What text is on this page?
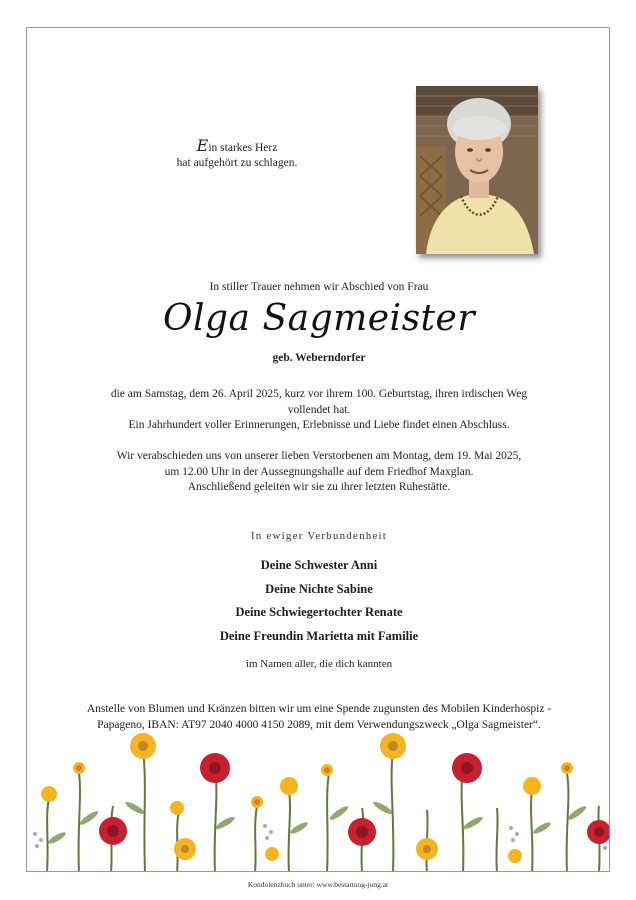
Ein starkes Herz
hat aufgehört zu schlagen.
In stiller Trauer nehmen wir Abschied von Frau
Olga Sagmeister
geb. Weberndorfer
die am Samstag, dem 26. April 2025, kurz vor ihrem 100. Geburtstag, ihren irdischen Weg
vollendet hat.
Ein Jahrhundert voller Erinnerungen, Erlebnisse und Liebe findet einen Abschluss.
Wir verabschieden uns von unserer lieben Verstorbenen am Montag, dem 19. Mai 2025,
um 12.00 Uhr in der Aussegnungshalle auf dem Friedhof Maxglan.
Anschließend geleiten wir sie zu ihrer letzten Ruhestätte.
In ewiger Verbundenheit
Deine Schwester Anni
Deine Nichte Sabine
Deine Schwiegertochter Renate
Deine Freundin Marietta mit Familie
im Namen aller, die dich kannten
Anstelle von Blumen und Kränzen bitten wir um eine Spende zugunsten des Mobilen Kinderhospiz -
Papageno, IBAN: AT97 2040 4000 4150 2089, mit dem Verwendungszweck „Olga Sagmeister“.
Kondolenzbuch unter: www.bestattung-jung.at
